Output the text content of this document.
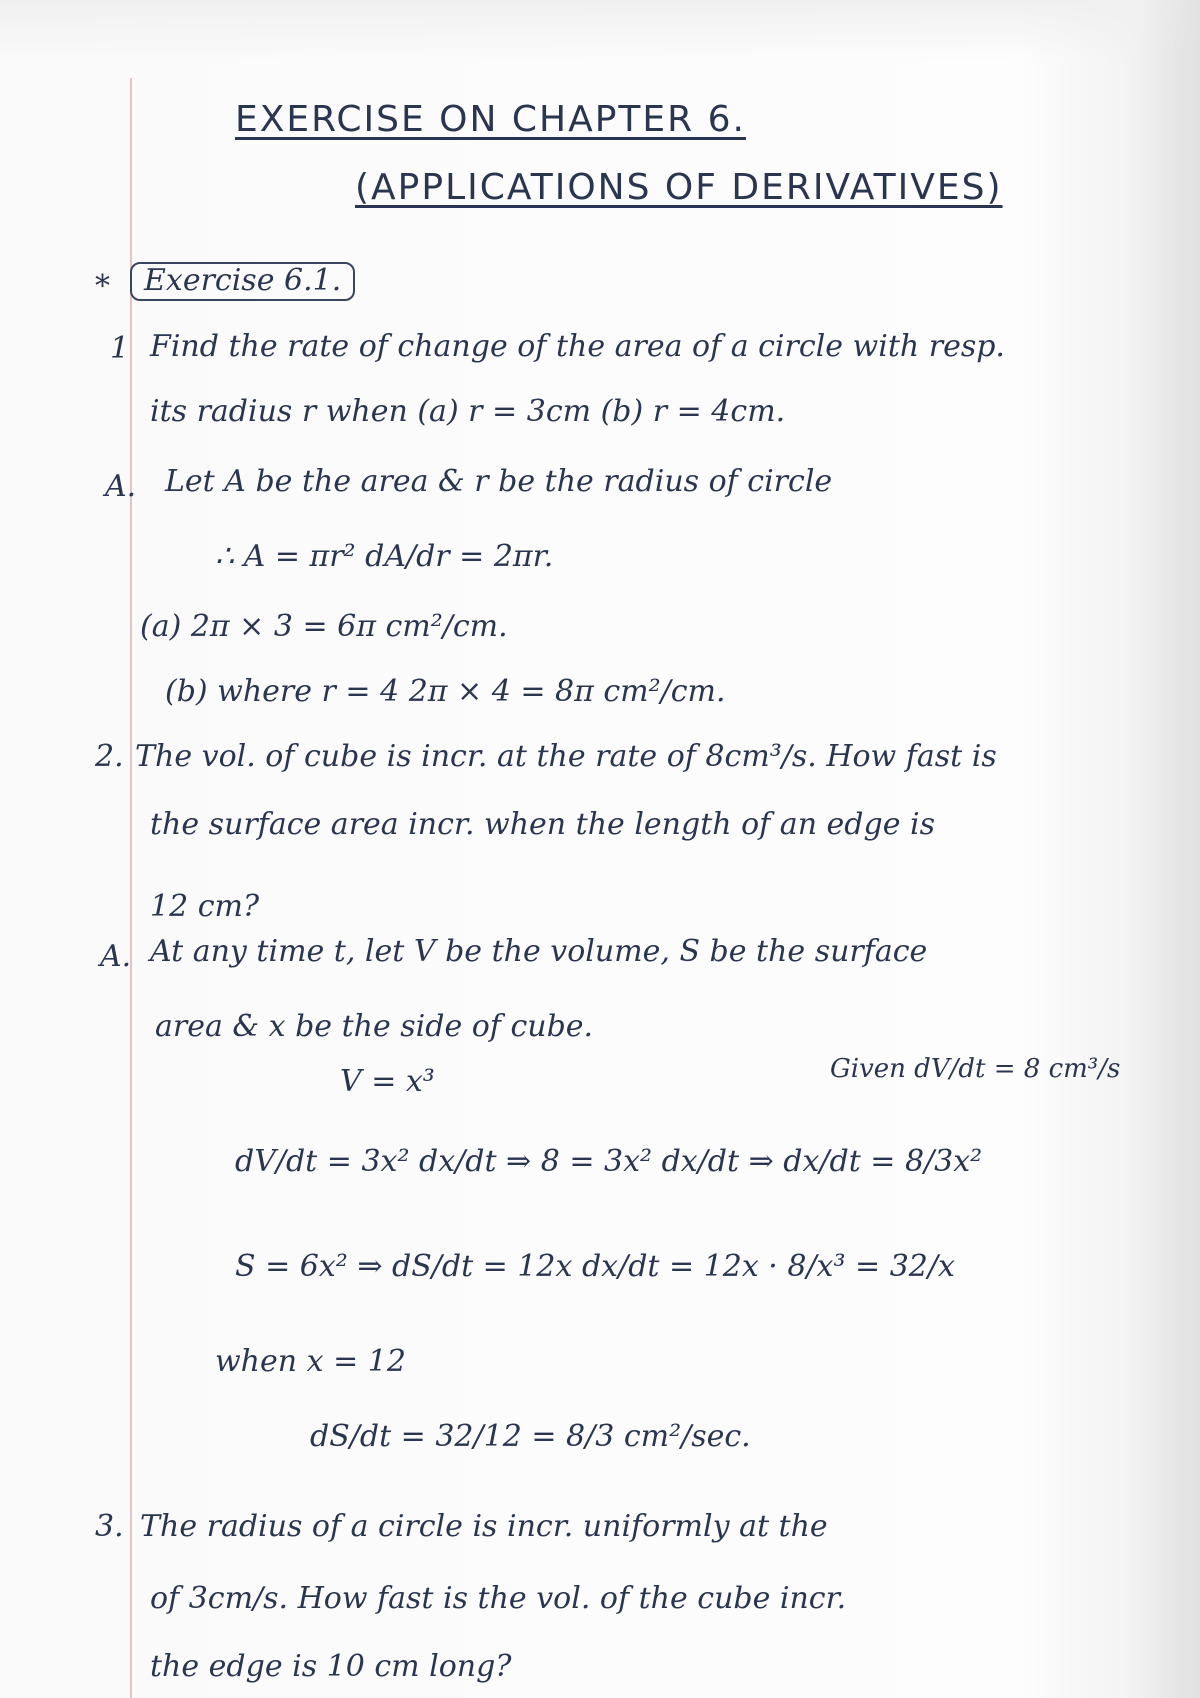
EXERCISE ON CHAPTER 6.
(APPLICATIONS OF DERIVATIVES)
*	Exercise 6.1.
1 Find the rate of change of the area of a circle with resp.
its radius r when (a) r = 3cm (b) r = 4cm.
A. Let A be the area & r be the radius of circle
∴ A = πr² dA/dr = 2πr.
(a) 2π × 3 = 6π cm²/cm.
(b) where r = 4 2π × 4 = 8π cm²/cm.
2. The vol. of cube is incr. at the rate of 8cm³/s. How fast is
the surface area incr. when the length of an edge is
12 cm?
A. At any time t, let V be the volume, S be the surface
area & x be the side of cube.
V = x³	Given dV/dt = 8 cm³/s
dV/dt = 3x² dx/dt ⇒ 8 = 3x² dx/dt ⇒ dx/dt = 8/3x²
S = 6x² ⇒ dS/dt = 12x dx/dt = 12x · 8/x³ = 32/x
when x = 12
dS/dt = 32/12 = 8/3 cm²/sec.
3. The radius of a circle is incr. uniformly at the
of 3cm/s. How fast is the vol. of the cube incr.
the edge is 10 cm long?
